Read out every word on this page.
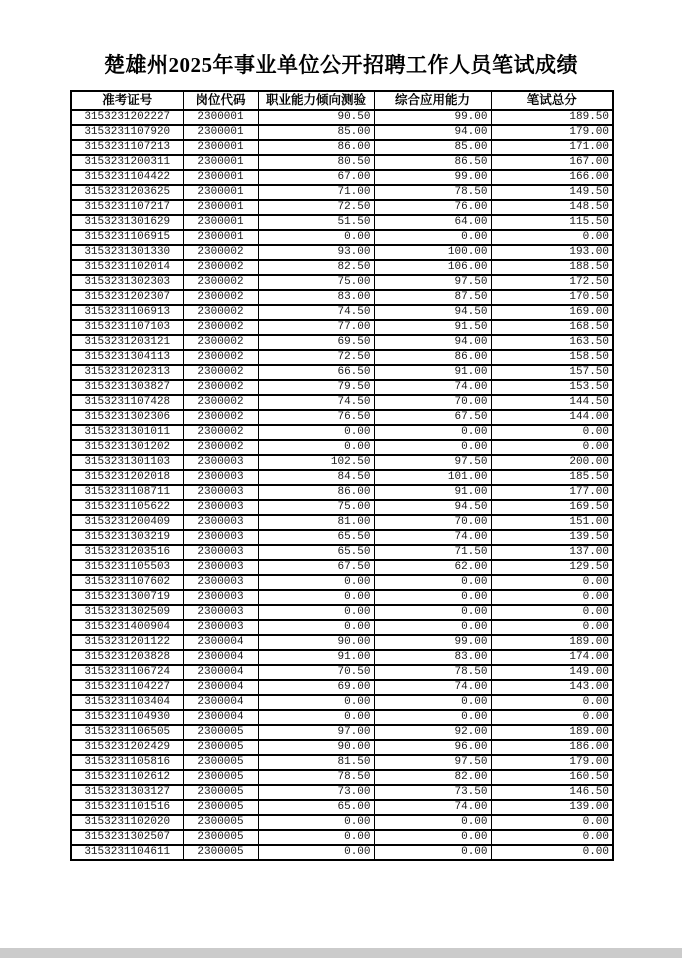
楚雄州2025年事业单位公开招聘工作人员笔试成绩
准考证号	岗位代码	职业能力倾向测验	综合应用能力	笔试总分
3153231202227	2300001	90.50	99.00	189.50
3153231107920	2300001	85.00	94.00	179.00
3153231107213	2300001	86.00	85.00	171.00
3153231200311	2300001	80.50	86.50	167.00
3153231104422	2300001	67.00	99.00	166.00
3153231203625	2300001	71.00	78.50	149.50
3153231107217	2300001	72.50	76.00	148.50
3153231301629	2300001	51.50	64.00	115.50
3153231106915	2300001	0.00	0.00	0.00
3153231301330	2300002	93.00	100.00	193.00
3153231102014	2300002	82.50	106.00	188.50
3153231302303	2300002	75.00	97.50	172.50
3153231202307	2300002	83.00	87.50	170.50
3153231106913	2300002	74.50	94.50	169.00
3153231107103	2300002	77.00	91.50	168.50
3153231203121	2300002	69.50	94.00	163.50
3153231304113	2300002	72.50	86.00	158.50
3153231202313	2300002	66.50	91.00	157.50
3153231303827	2300002	79.50	74.00	153.50
3153231107428	2300002	74.50	70.00	144.50
3153231302306	2300002	76.50	67.50	144.00
3153231301011	2300002	0.00	0.00	0.00
3153231301202	2300002	0.00	0.00	0.00
3153231301103	2300003	102.50	97.50	200.00
3153231202018	2300003	84.50	101.00	185.50
3153231108711	2300003	86.00	91.00	177.00
3153231105622	2300003	75.00	94.50	169.50
3153231200409	2300003	81.00	70.00	151.00
3153231303219	2300003	65.50	74.00	139.50
3153231203516	2300003	65.50	71.50	137.00
3153231105503	2300003	67.50	62.00	129.50
3153231107602	2300003	0.00	0.00	0.00
3153231300719	2300003	0.00	0.00	0.00
3153231302509	2300003	0.00	0.00	0.00
3153231400904	2300003	0.00	0.00	0.00
3153231201122	2300004	90.00	99.00	189.00
3153231203828	2300004	91.00	83.00	174.00
3153231106724	2300004	70.50	78.50	149.00
3153231104227	2300004	69.00	74.00	143.00
3153231103404	2300004	0.00	0.00	0.00
3153231104930	2300004	0.00	0.00	0.00
3153231106505	2300005	97.00	92.00	189.00
3153231202429	2300005	90.00	96.00	186.00
3153231105816	2300005	81.50	97.50	179.00
3153231102612	2300005	78.50	82.00	160.50
3153231303127	2300005	73.00	73.50	146.50
3153231101516	2300005	65.00	74.00	139.00
3153231102020	2300005	0.00	0.00	0.00
3153231302507	2300005	0.00	0.00	0.00
3153231104611	2300005	0.00	0.00	0.00
